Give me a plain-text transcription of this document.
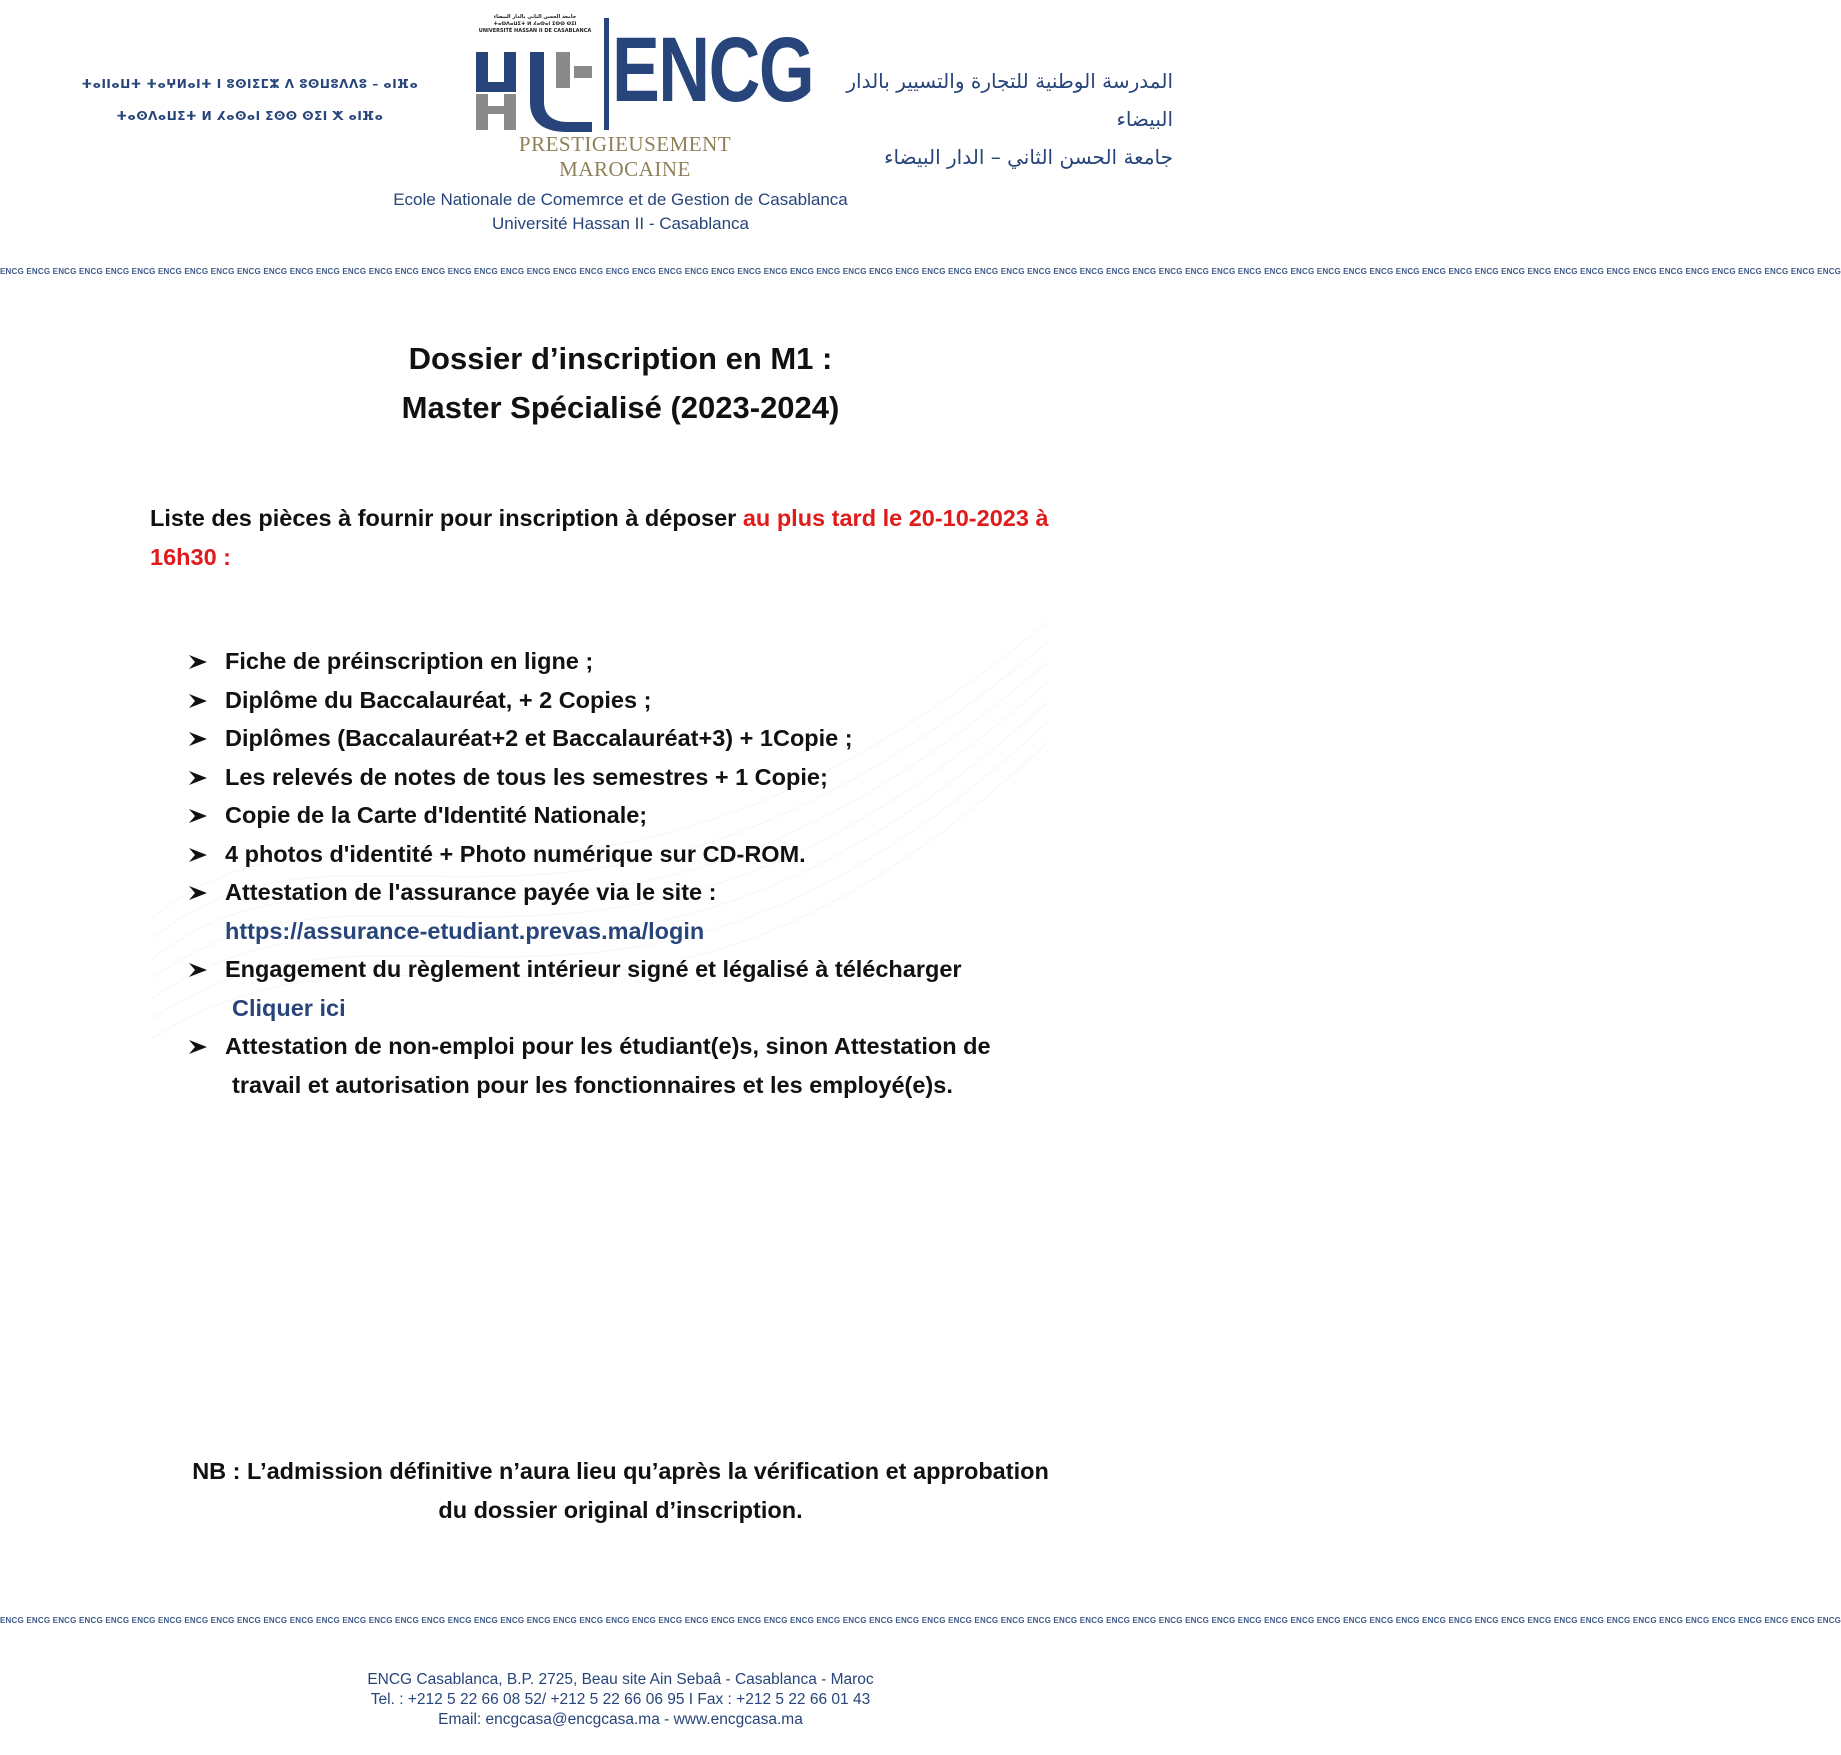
ⵜⴰⵏⵏⴰⵡⵜ ⵜⴰⵖⵍⴰⵏⵜ ⵏ ⵓⵙⵏⵉⵎⵣ ⴷ ⵓⵙⵡⵓⴷⴷⵓ – ⴰⵏⴼⴰ
ⵜⴰⵙⴷⴰⵡⵉⵜ ⵍ ⵃⴰⵙⴰⵏ ⵉⵙⵙ ⵙⵉⵏ ⵅ ⴰⵏⴼⴰ
جامعة الحسن الثاني بالدار البيضاء
ⵜⴰⵙⴷⴰⵡⵉⵜ ⵍ ⵃⴰⵙⴰⵏ ⵉⵙⵙ ⵙⵉⵏ
UNIVERSITÉ HASSAN II DE CASABLANCA ENCG
PRESTIGIEUSEMENT MAROCAINE
المدرسة الوطنية للتجارة والتسيير بالدار البيضاء
جامعة الحسن الثاني – الدار البيضاء
Ecole Nationale de Comemrce et de Gestion de Casablanca
Université Hassan II - Casablanca
ENCG ENCG ENCG ENCG ENCG ENCG ENCG ENCG ENCG ENCG ENCG ENCG ENCG ENCG ENCG ENCG ENCG ENCG ENCG ENCG ENCG ENCG ENCG ENCG ENCG ENCG ENCG ENCG ENCG ENCG ENCG ENCG ENCG ENCG ENCG ENCG ENCG ENCG ENCG ENCG ENCG ENCG ENCG ENCG ENCG ENCG ENCG ENCG ENCG ENCG ENCG ENCG ENCG ENCG ENCG ENCG ENCG ENCG ENCG ENCG ENCG ENCG ENCG ENCG ENCG ENCG ENCG ENCG ENCG ENCG
Dossier d’inscription en M1 :
Master Spécialisé (2023-2024)
Liste des pièces à fournir pour inscription à déposer au plus tard le 20-10-2023 à 16h30 :
Fiche de préinscription en ligne ;
Diplôme du Baccalauréat, + 2 Copies ;
Diplômes (Baccalauréat+2 et Baccalauréat+3) + 1Copie ;
Les relevés de notes de tous les semestres + 1 Copie;
Copie de la Carte d'Identité Nationale;
4 photos d'identité + Photo numérique sur CD-ROM.
Attestation de l'assurance payée via le site :
https://assurance-etudiant.prevas.ma/login
Engagement du règlement intérieur signé et légalisé à télécharger
Cliquer ici
Attestation de non-emploi pour les étudiant(e)s, sinon Attestation de
travail et autorisation pour les fonctionnaires et les employé(e)s.
NB : L’admission définitive n’aura lieu qu’après la vérification et approbation
du dossier original d’inscription.
ENCG ENCG ENCG ENCG ENCG ENCG ENCG ENCG ENCG ENCG ENCG ENCG ENCG ENCG ENCG ENCG ENCG ENCG ENCG ENCG ENCG ENCG ENCG ENCG ENCG ENCG ENCG ENCG ENCG ENCG ENCG ENCG ENCG ENCG ENCG ENCG ENCG ENCG ENCG ENCG ENCG ENCG ENCG ENCG ENCG ENCG ENCG ENCG ENCG ENCG ENCG ENCG ENCG ENCG ENCG ENCG ENCG ENCG ENCG ENCG ENCG ENCG ENCG ENCG ENCG ENCG ENCG ENCG ENCG ENCG
ENCG Casablanca, B.P. 2725, Beau site Ain Sebaâ - Casablanca - Maroc
Tel. : +212 5 22 66 08 52/ +212 5 22 66 06 95 I Fax : +212 5 22 66 01 43
Email: encgcasa@encgcasa.ma - www.encgcasa.ma
